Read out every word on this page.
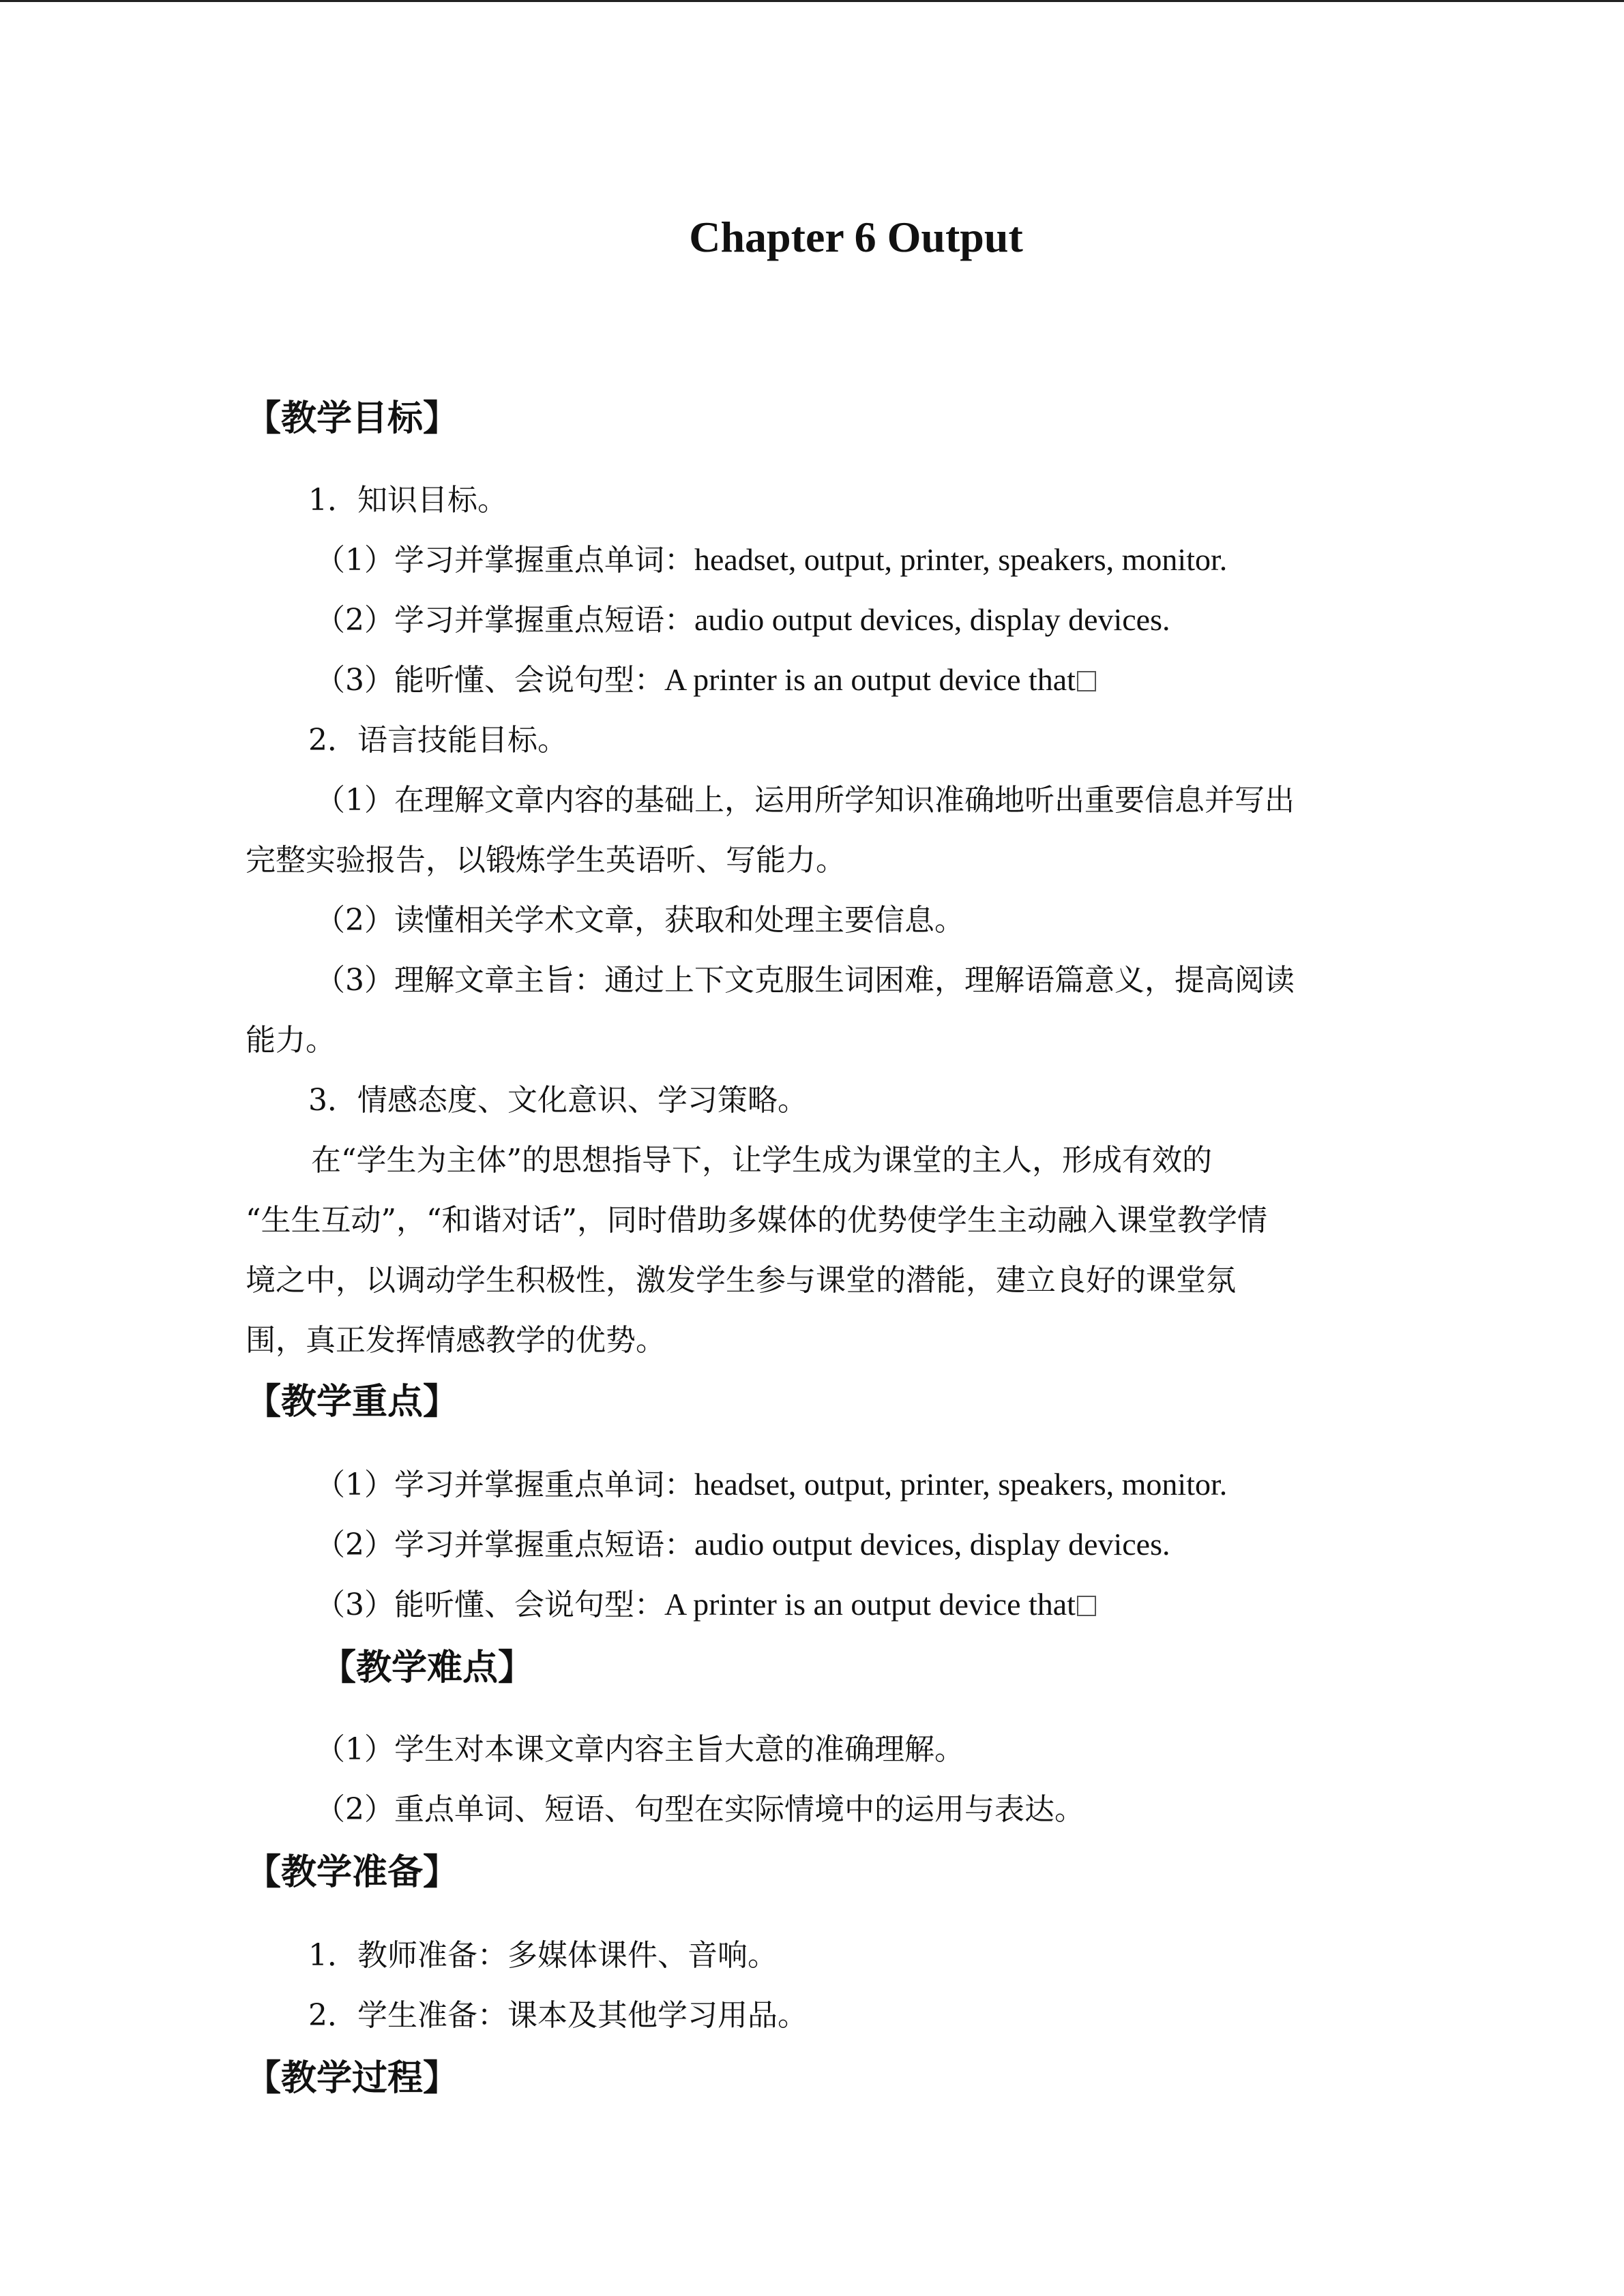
Chapter 6 Output
【教学目标】
1．知识目标。
（1）学习并掌握重点单词：headset, output, printer, speakers, monitor.
（2）学习并掌握重点短语：audio output devices, display devices.
（3）能听懂、会说句型：A printer is an output device that
2．语言技能目标。
（1）在理解文章内容的基础上，运用所学知识准确地听出重要信息并写出
完整实验报告，以锻炼学生英语听、写能力。
（2）读懂相关学术文章，获取和处理主要信息。
（3）理解文章主旨：通过上下文克服生词困难，理解语篇意义，提高阅读
能力。
3．情感态度、文化意识、学习策略。
在“学生为主体”的思想指导下，让学生成为课堂的主人，形成有效的
“生生互动”，“和谐对话”，同时借助多媒体的优势使学生主动融入课堂教学情
境之中，以调动学生积极性，激发学生参与课堂的潜能，建立良好的课堂氛
围，真正发挥情感教学的优势。
【教学重点】
（1）学习并掌握重点单词：headset, output, printer, speakers, monitor.
（2）学习并掌握重点短语：audio output devices, display devices.
（3）能听懂、会说句型：A printer is an output device that
【教学难点】
（1）学生对本课文章内容主旨大意的准确理解。
（2）重点单词、短语、句型在实际情境中的运用与表达。
【教学准备】
1．教师准备：多媒体课件、音响。
2．学生准备：课本及其他学习用品。
【教学过程】
